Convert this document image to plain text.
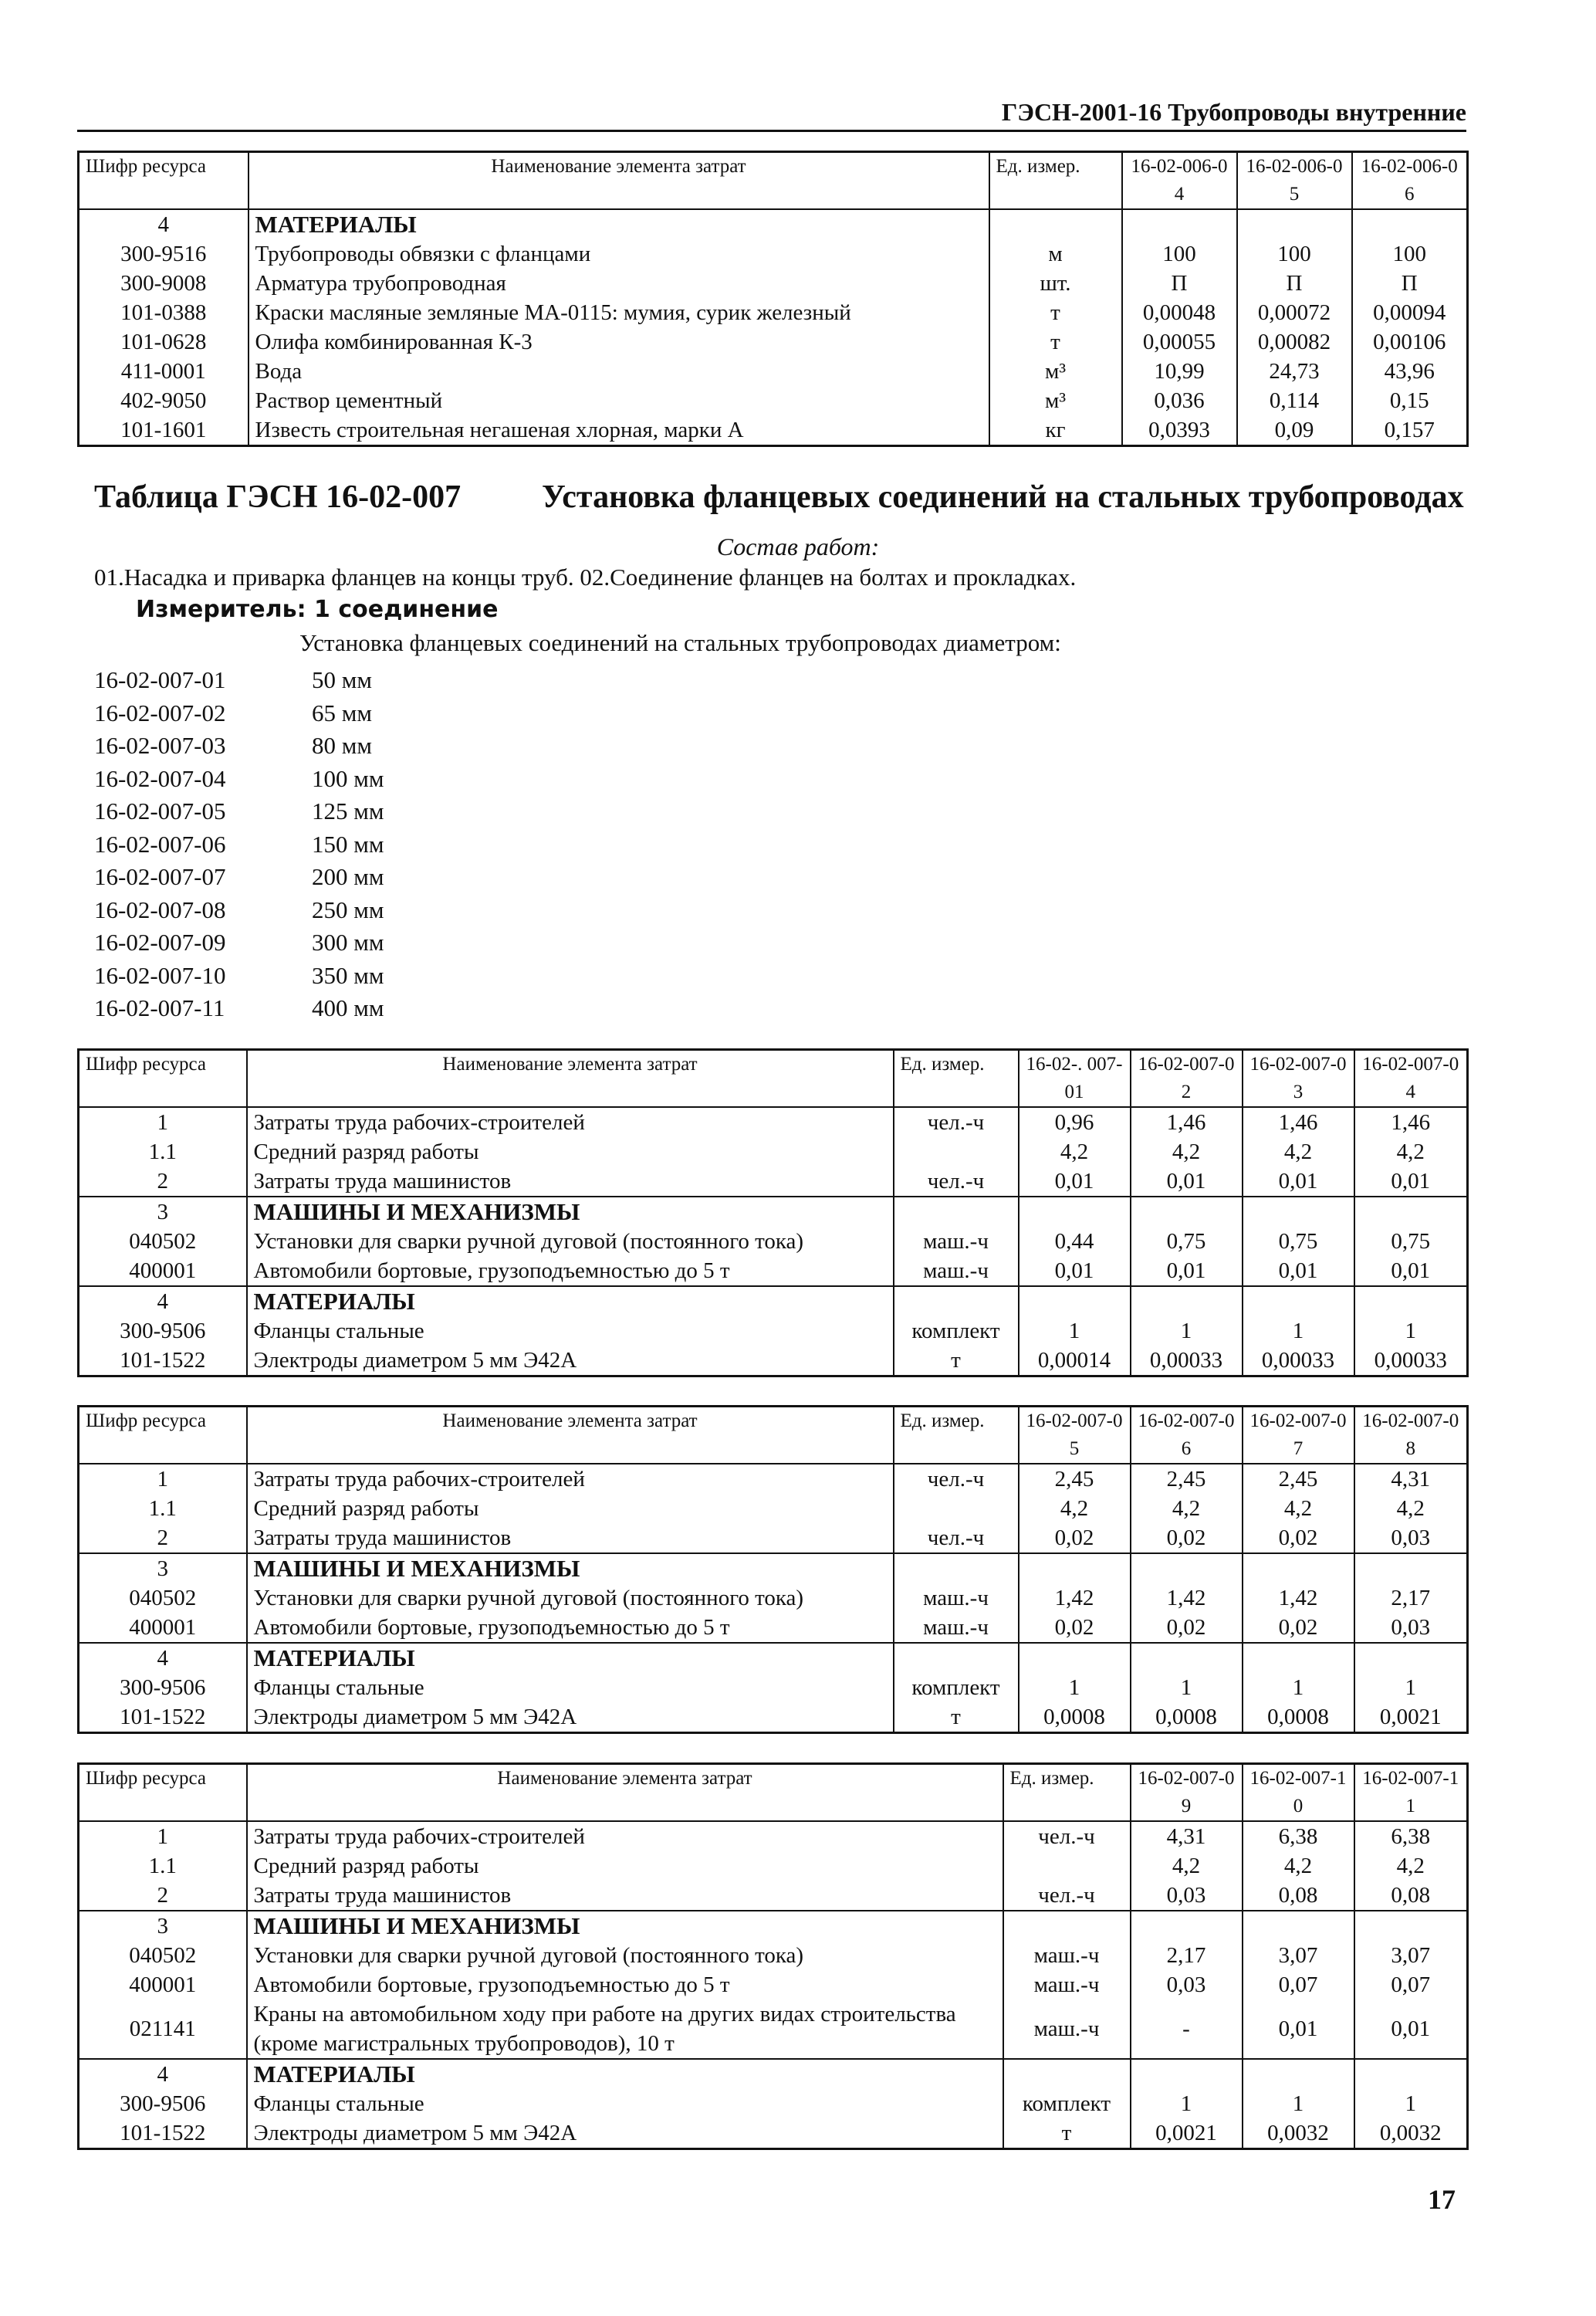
ГЭСН-2001-16 Трубопроводы внутренние
Шифр ресурса	Наименование элемента затрат	Ед. измер.	16-02-006-04	16-02-006-05	16-02-006-06
4	МАТЕРИАЛЫ				
300-9516	Трубопроводы обвязки с фланцами	м	100	100	100
300-9008	Арматура трубопроводная	шт.	П	П	П
101-0388	Краски масляные земляные МА-0115: мумия, сурик железный	т	0,00048	0,00072	0,00094
101-0628	Олифа комбинированная К-3	т	0,00055	0,00082	0,00106
411-0001	Вода	м³	10,99	24,73	43,96
402-9050	Раствор цементный	м³	0,036	0,114	0,15
101-1601	Известь строительная негашеная хлорная, марки А	кг	0,0393	0,09	0,157
Таблица ГЭСН 16-02-007 Установка фланцевых соединений на стальных трубопроводах
Состав работ:
01.Насадка и приварка фланцев на концы труб. 02.Соединение фланцев на болтах и прокладках.
Измеритель: 1 соединение
Установка фланцевых соединений на стальных трубопроводах диаметром:
16-02-007-01	50 мм
16-02-007-02	65 мм
16-02-007-03	80 мм
16-02-007-04	100 мм
16-02-007-05	125 мм
16-02-007-06	150 мм
16-02-007-07	200 мм
16-02-007-08	250 мм
16-02-007-09	300 мм
16-02-007-10	350 мм
16-02-007-11	400 мм
Шифр ресурса	Наименование элемента затрат	Ед. измер.	16-02-. 007-01	16-02-007-02	16-02-007-03	16-02-007-04
1	Затраты труда рабочих-строителей	чел.-ч	0,96	1,46	1,46	1,46
1.1	Средний разряд работы		4,2	4,2	4,2	4,2
2	Затраты труда машинистов	чел.-ч	0,01	0,01	0,01	0,01
3	МАШИНЫ И МЕХАНИЗМЫ					
040502	Установки для сварки ручной дуговой (постоянного тока)	маш.-ч	0,44	0,75	0,75	0,75
400001	Автомобили бортовые, грузоподъемностью до 5 т	маш.-ч	0,01	0,01	0,01	0,01
4	МАТЕРИАЛЫ					
300-9506	Фланцы стальные	комплект	1	1	1	1
101-1522	Электроды диаметром 5 мм Э42А	т	0,00014	0,00033	0,00033	0,00033
Шифр ресурса	Наименование элемента затрат	Ед. измер.	16-02-007-05	16-02-007-06	16-02-007-07	16-02-007-08
1	Затраты труда рабочих-строителей	чел.-ч	2,45	2,45	2,45	4,31
1.1	Средний разряд работы		4,2	4,2	4,2	4,2
2	Затраты труда машинистов	чел.-ч	0,02	0,02	0,02	0,03
3	МАШИНЫ И МЕХАНИЗМЫ					
040502	Установки для сварки ручной дуговой (постоянного тока)	маш.-ч	1,42	1,42	1,42	2,17
400001	Автомобили бортовые, грузоподъемностью до 5 т	маш.-ч	0,02	0,02	0,02	0,03
4	МАТЕРИАЛЫ					
300-9506	Фланцы стальные	комплект	1	1	1	1
101-1522	Электроды диаметром 5 мм Э42А	т	0,0008	0,0008	0,0008	0,0021
Шифр ресурса	Наименование элемента затрат	Ед. измер.	16-02-007-09	16-02-007-10	16-02-007-11
1	Затраты труда рабочих-строителей	чел.-ч	4,31	6,38	6,38
1.1	Средний разряд работы		4,2	4,2	4,2
2	Затраты труда машинистов	чел.-ч	0,03	0,08	0,08
3	МАШИНЫ И МЕХАНИЗМЫ				
040502	Установки для сварки ручной дуговой (постоянного тока)	маш.-ч	2,17	3,07	3,07
400001	Автомобили бортовые, грузоподъемностью до 5 т	маш.-ч	0,03	0,07	0,07
021141	Краны на автомобильном ходу при работе на других видах строительства (кроме магистральных трубопроводов), 10 т	маш.-ч	-	0,01	0,01
4	МАТЕРИАЛЫ				
300-9506	Фланцы стальные	комплект	1	1	1
101-1522	Электроды диаметром 5 мм Э42А	т	0,0021	0,0032	0,0032
17
